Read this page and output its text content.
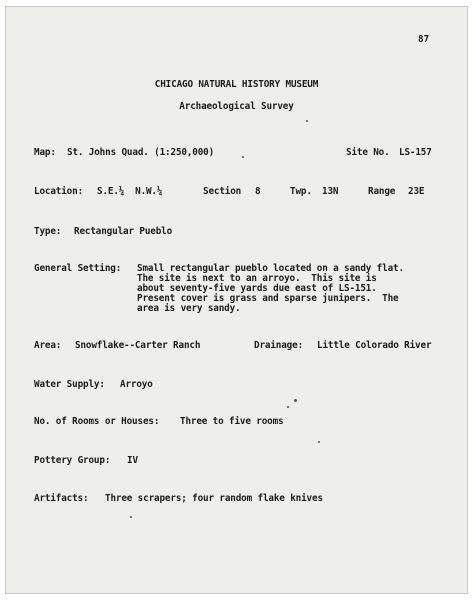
87
CHICAGO NATURAL HISTORY MUSEUM
Archaeological Survey
Map: St. Johns Quad. (1:250,000)	Site No. LS-157
Location: S.E.¼  N.W.¼	Section 8	Twp. 13N	Range 23E
Type: Rectangular Pueblo
General Setting: Small rectangular pueblo located on a sandy flat.
The site is next to an arroyo.  This site is
about seventy-five yards due east of LS-151.
Present cover is grass and sparse junipers.  The
area is very sandy.
Area: Snowflake--Carter Ranch	Drainage: Little Colorado River
Water Supply: Arroyo
No. of Rooms or Houses: Three to five rooms
Pottery Group: IV
Artifacts: Three scrapers; four random flake knives
